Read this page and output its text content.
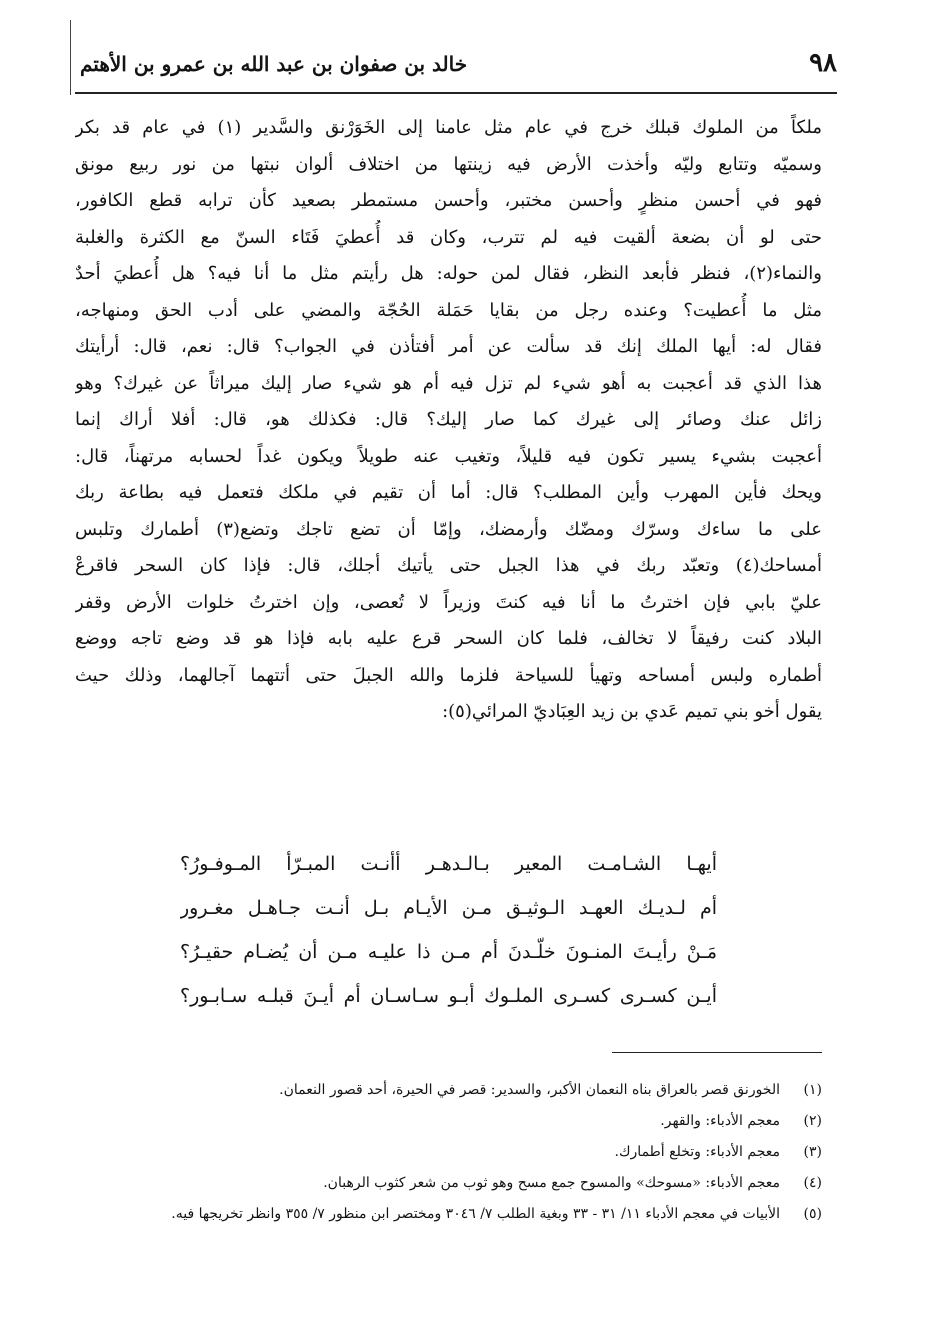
٩٨
خالد بن صفوان بن عبد الله بن عمرو بن الأهتم
ملكاً من الملوك قبلك خرج في عام مثل عامنا إلى الخَوَرْنق والسَّدير (١) في عام قد بكر
وسميّه وتتابع وليّه وأخذت الأرض فيه زينتها من اختلاف ألوان نبتها من نور ربيع مونق
فهو في أحسن منظرٍ وأحسن مختبر، وأحسن مستمطر بصعيد كأن ترابه قطع الكافور،
حتى لو أن بضعة ألقيت فيه لم تترب، وكان قد أُعطيَ فَتَاء السنّ مع الكثرة والغلبة
والنماء(٢)، فنظر فأبعد النظر، فقال لمن حوله: هل رأيتم مثل ما أنا فيه؟ هل أُعطيَ أحدٌ
مثل ما أُعطيت؟ وعنده رجل من بقايا حَمَلة الحُجّة والمضي على أدب الحق ومنهاجه،
فقال له: أيها الملك إنك قد سألت عن أمر أفتأذن في الجواب؟ قال: نعم، قال: أرأيتك
هذا الذي قد أعجبت به أهو شيء لم تزل فيه أم هو شيء صار إليك ميراثاً عن غيرك؟ وهو
زائل عنك وصائر إلى غيرك كما صار إليك؟ قال: فكذلك هو، قال: أفلا أراك إنما
أعجبت بشيء يسير تكون فيه قليلاً، وتغيب عنه طويلاً ويكون غداً لحسابه مرتهناً، قال:
ويحك فأين المهرب وأين المطلب؟ قال: أما أن تقيم في ملكك فتعمل فيه بطاعة ربك
على ما ساءك وسرّك ومضّك وأرمضك، وإمّا أن تضع تاجك وتضع(٣) أطمارك وتلبس
أمساحك(٤) وتعبّد ربك في هذا الجبل حتى يأتيك أجلك، قال: فإذا كان السحر فاقرعْ
عليّ بابي فإن اخترتُ ما أنا فيه كنتَ وزيراً لا تُعصى، وإن اخترتُ خلوات الأرض وقفر
البلاد كنت رفيقاً لا تخالف، فلما كان السحر قرع عليه بابه فإذا هو قد وضع تاجه ووضع
أطماره ولبس أمساحه وتهيأ للسياحة فلزما والله الجبلَ حتى أتتهما آجالهما، وذلك حيث
يقول أخو بني تميم عَدي بن زيد العِبَاديّ المرائي(٥):
أيهـا الشـامـت المعير بـالـدهـر أأنـت المبـرّأ المـوفـورُ؟
أم لـديـك العهـد الـوثيـق مـن الأيـام بـل أنـت جـاهـل مغـرور
مَـنْ رأيـتَ المنـونَ خلّـدنَ أم مـن ذا عليـه مـن أن يُضـام حقيـرُ؟
أيـن كسـرى كسـرى الملـوك أبـو سـاسـان أم أيـنَ قبلـه سـابـور؟
(١)
الخورنق قصر بالعراق بناه النعمان الأكبر، والسدير: قصر في الحيرة، أحد قصور النعمان.
(٢)
معجم الأدباء: والقهر.
(٣)
معجم الأدباء: وتخلع أطمارك.
(٤)
معجم الأدباء: «مسوحك» والمسوح جمع مسح وهو ثوب من شعر كثوب الرهبان.
(٥)
الأبيات في معجم الأدباء ١١/ ٣١ - ٣٣ وبغية الطلب ٧/ ٣٠٤٦ ومختصر ابن منظور ٧/ ٣٥٥ وانظر تخريجها فيه.
